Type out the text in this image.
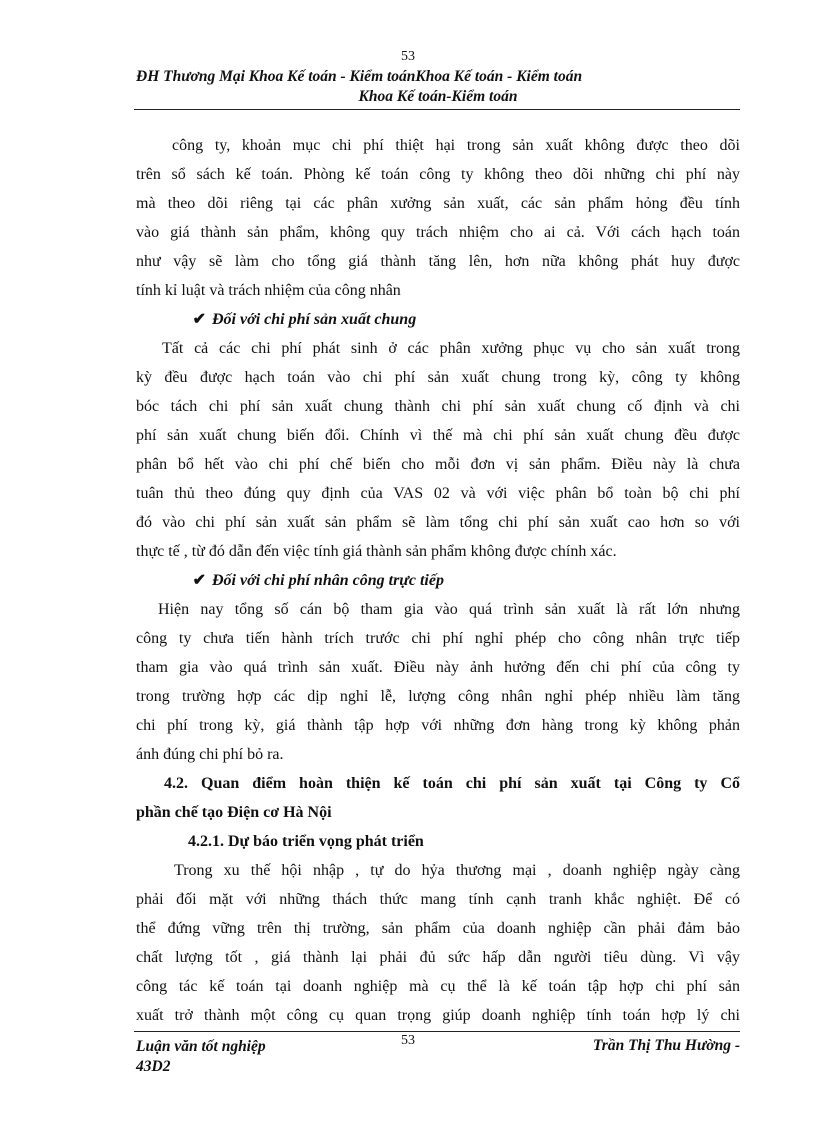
53
ĐH Thương Mại Khoa Kế toán - Kiểm toánKhoa Kế toán - Kiểm toán
Khoa Kế toán-Kiểm toán
công ty, khoản mục chi phí thiệt hại trong sản xuất không được theo dõi
trên sổ sách kế toán. Phòng kế toán công ty không theo dõi những chi phí này
mà theo dõi riêng tại các phân xưởng sản xuất, các sản phẩm hỏng đều tính
vào giá thành sản phẩm, không quy trách nhiệm cho ai cả. Với cách hạch toán
như vậy sẽ làm cho tổng giá thành tăng lên, hơn nữa không phát huy được
tính kỉ luật và trách nhiệm của công nhân
✔ Đối với chi phí sản xuất chung
Tất cả các chi phí phát sinh ở các phân xưởng phục vụ cho sản xuất trong
kỳ đều được hạch toán vào chi phí sản xuất chung trong kỳ, công ty không
bóc tách chi phí sản xuất chung thành chi phí sản xuất chung cố định và chi
phí sản xuất chung biến đổi. Chính vì thế mà chi phí sản xuất chung đều được
phân bổ hết vào chi phí chế biến cho mỗi đơn vị sản phẩm. Điều này là chưa
tuân thủ theo đúng quy định của VAS 02 và với việc phân bổ toàn bộ chi phí
đó vào chi phí sản xuất sản phẩm sẽ làm tổng chi phí sản xuất cao hơn so với
thực tế , từ đó dẫn đến việc tính giá thành sản phẩm không được chính xác.
✔ Đối với chi phí nhân công trực tiếp
Hiện nay tổng số cán bộ tham gia vào quá trình sản xuất là rất lớn nhưng
công ty chưa tiến hành trích trước chi phí nghỉ phép cho công nhân trực tiếp
tham gia vào quá trình sản xuất. Điều này ảnh hưởng đến chi phí của công ty
trong trường hợp các dịp nghỉ lễ, lượng công nhân nghỉ phép nhiều làm tăng
chi phí trong kỳ, giá thành tập hợp với những đơn hàng trong kỳ không phản
ánh đúng chi phí bỏ ra.
4.2. Quan điểm hoàn thiện kế toán chi phí sản xuất tại Công ty Cổ
phần chế tạo Điện cơ Hà Nội
4.2.1. Dự báo triển vọng phát triển
Trong xu thế hội nhập , tự do hỷa thương mại , doanh nghiệp ngày càng
phải đối mặt với những thách thức mang tính cạnh tranh khắc nghiệt. Để có
thể đứng vững trên thị trường, sản phẩm của doanh nghiệp cần phải đảm bảo
chất lượng tốt , giá thành lại phải đủ sức hấp dẫn người tiêu dùng. Vì vậy
công tác kế toán tại doanh nghiệp mà cụ thể là kế toán tập hợp chi phí sản
xuất trở thành một công cụ quan trọng giúp doanh nghiệp tính toán hợp lý chi
Luận văn tốt nghiệp
43D2
53	Trần Thị Thu Hường -
